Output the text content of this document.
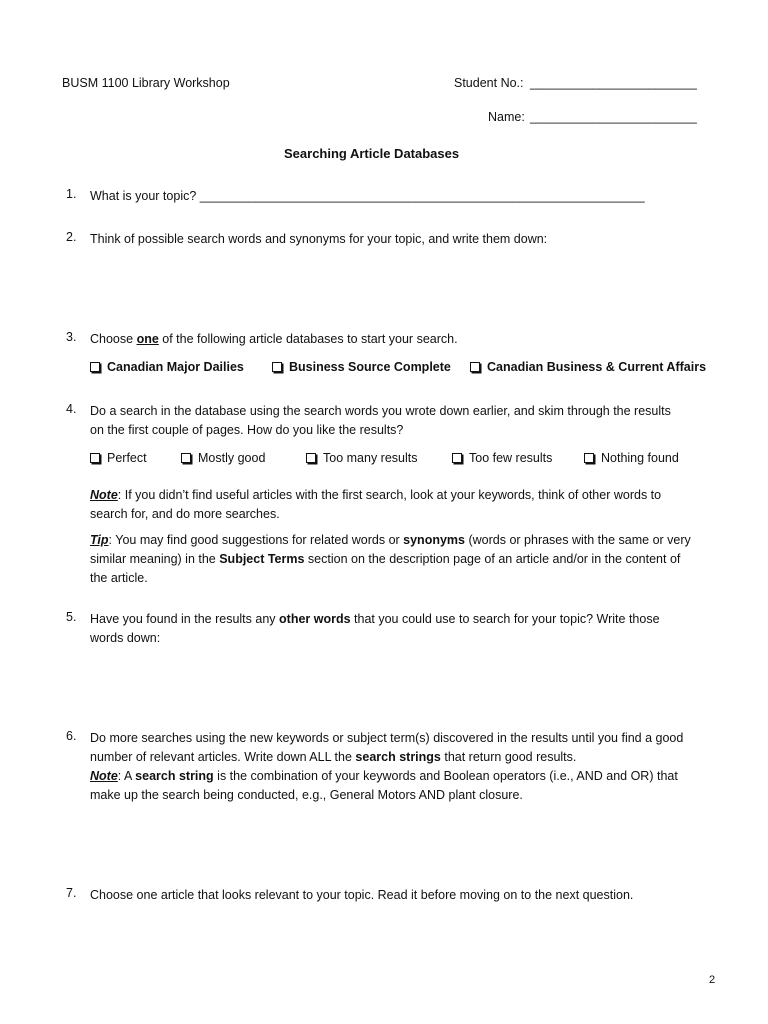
BUSM 1100 Library Workshop	Student No.: ________________________
Name: ________________________
Searching Article Databases
1.	What is your topic? ________________________________________________________________
2.	Think of possible search words and synonyms for your topic, and write them down:
3.	Choose one of the following article databases to start your search.
Canadian Major Dailies	Business Source Complete	Canadian Business & Current Affairs
4.	Do a search in the database using the search words you wrote down earlier, and skim through the results
on the first couple of pages. How do you like the results?
Perfect	Mostly good	Too many results	Too few results	Nothing found
Note: If you didn’t find useful articles with the first search, look at your keywords, think of other words to
search for, and do more searches.
Tip: You may find good suggestions for related words or synonyms (words or phrases with the same or very
similar meaning) in the Subject Terms section on the description page of an article and/or in the content of
the article.
5.	Have you found in the results any other words that you could use to search for your topic? Write those
words down:
6.	Do more searches using the new keywords or subject term(s) discovered in the results until you find a good
number of relevant articles. Write down ALL the search strings that return good results.
Note: A search string is the combination of your keywords and Boolean operators (i.e., AND and OR) that
make up the search being conducted, e.g., General Motors AND plant closure.
7.	Choose one article that looks relevant to your topic. Read it before moving on to the next question.
2
